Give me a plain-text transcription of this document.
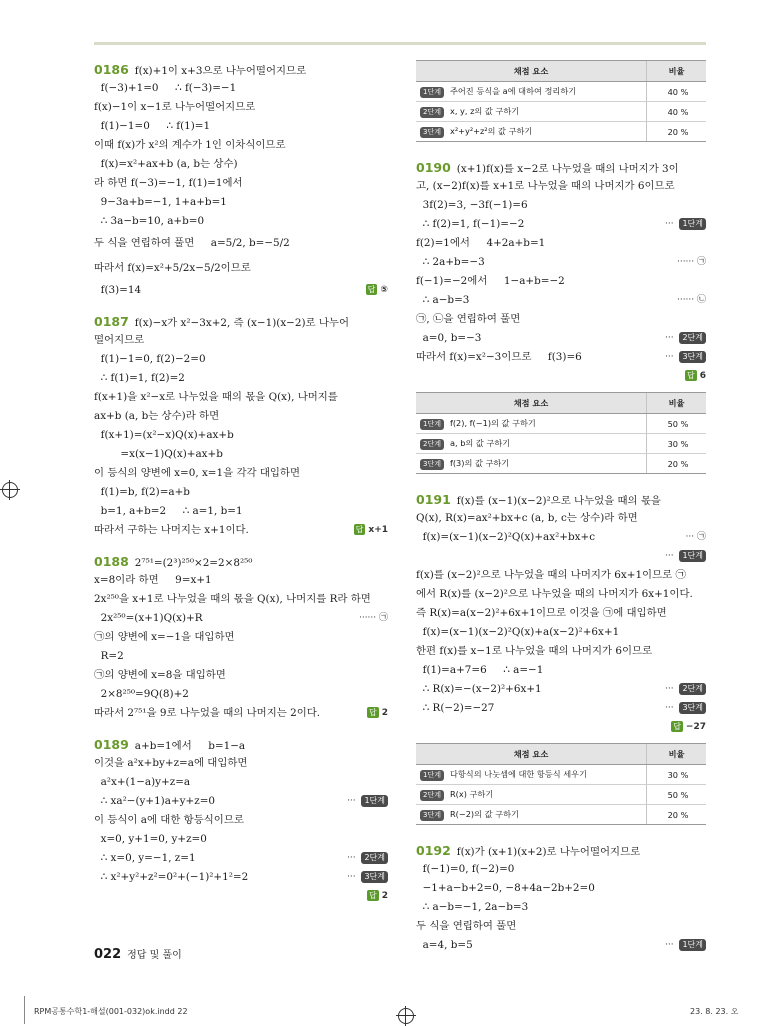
0186 f(x)+1이 x+3으로 나누어떨어지므로
f(−3)+1=0     ∴ f(−3)=−1
f(x)−1이 x−1로 나누어떨어지므로
f(1)−1=0     ∴ f(1)=1
이때 f(x)가 x²의 계수가 1인 이차식이므로
f(x)=x²+ax+b (a, b는 상수)
라 하면 f(−3)=−1, f(1)=1에서
9−3a+b=−1, 1+a+b=1
∴ 3a−b=10, a+b=0
두 식을 연립하여 풀면     a=5/2, b=−5/2
따라서 f(x)=x²+5/2x−5/2이므로
f(3)=14	답 ⑤
0187 f(x)−x가 x²−3x+2, 즉 (x−1)(x−2)로 나누어
떨어지므로
f(1)−1=0, f(2)−2=0
∴ f(1)=1, f(2)=2
f(x+1)을 x²−x로 나누었을 때의 몫을 Q(x), 나머지를
ax+b (a, b는 상수)라 하면
f(x+1)=(x²−x)Q(x)+ax+b
=x(x−1)Q(x)+ax+b
이 등식의 양변에 x=0, x=1을 각각 대입하면
f(1)=b, f(2)=a+b
b=1, a+b=2     ∴ a=1, b=1
따라서 구하는 나머지는 x+1이다.	답 x+1
0188 2⁷⁵¹=(2³)²⁵⁰×2=2×8²⁵⁰
x=8이라 하면     9=x+1
2x²⁵⁰을 x+1로 나누었을 때의 몫을 Q(x), 나머지를 R라 하면
2x²⁵⁰=(x+1)Q(x)+R	······ ㉠
㉠의 양변에 x=−1을 대입하면
R=2
㉠의 양변에 x=8을 대입하면
2×8²⁵⁰=9Q(8)+2
따라서 2⁷⁵¹을 9로 나누었을 때의 나머지는 2이다.	답 2
0189 a+b=1에서     b=1−a
이것을 a²x+by+z=a에 대입하면
a²x+(1−a)y+z=a
∴ xa²−(y+1)a+y+z=0	··· 1단계
이 등식이 a에 대한 항등식이므로
x=0, y+1=0, y+z=0
∴ x=0, y=−1, z=1	··· 2단계
∴ x²+y²+z²=0²+(−1)²+1²=2	··· 3단계
답 2
채점 요소	비율
1단계 주어진 등식을 a에 대하여 정리하기	40 %
2단계 x, y, z의 값 구하기	40 %
3단계 x²+y²+z²의 값 구하기	20 %
0190 (x+1)f(x)를 x−2로 나누었을 때의 나머지가 3이
고, (x−2)f(x)를 x+1로 나누었을 때의 나머지가 6이므로
3f(2)=3, −3f(−1)=6
∴ f(2)=1, f(−1)=−2	··· 1단계
f(2)=1에서     4+2a+b=1
∴ 2a+b=−3	······ ㉠
f(−1)=−2에서     1−a+b=−2
∴ a−b=3	······ ㉡
㉠, ㉡을 연립하여 풀면
a=0, b=−3	··· 2단계
따라서 f(x)=x²−3이므로     f(3)=6	··· 3단계
답 6
채점 요소	비율
1단계 f(2), f(−1)의 값 구하기	50 %
2단계 a, b의 값 구하기	30 %
3단계 f(3)의 값 구하기	20 %
0191 f(x)를 (x−1)(x−2)²으로 나누었을 때의 몫을
Q(x), R(x)=ax²+bx+c (a, b, c는 상수)라 하면
f(x)=(x−1)(x−2)²Q(x)+ax²+bx+c	··· ㉠
··· 1단계
f(x)를 (x−2)²으로 나누었을 때의 나머지가 6x+1이므로 ㉠
에서 R(x)를 (x−2)²으로 나누었을 때의 나머지가 6x+1이다.
즉 R(x)=a(x−2)²+6x+1이므로 이것을 ㉠에 대입하면
f(x)=(x−1)(x−2)²Q(x)+a(x−2)²+6x+1
한편 f(x)를 x−1로 나누었을 때의 나머지가 6이므로
f(1)=a+7=6     ∴ a=−1
∴ R(x)=−(x−2)²+6x+1	··· 2단계
∴ R(−2)=−27	··· 3단계
답 −27
채점 요소	비율
1단계 다항식의 나눗셈에 대한 항등식 세우기	30 %
2단계 R(x) 구하기	50 %
3단계 R(−2)의 값 구하기	20 %
0192 f(x)가 (x+1)(x+2)로 나누어떨어지므로
f(−1)=0, f(−2)=0
−1+a−b+2=0, −8+4a−2b+2=0
∴ a−b=−1, 2a−b=3
두 식을 연립하여 풀면
a=4, b=5	··· 1단계
022 정답 및 풀이
RPM공통수학1-해설(001-032)ok.indd 22	23. 8. 23. 오
